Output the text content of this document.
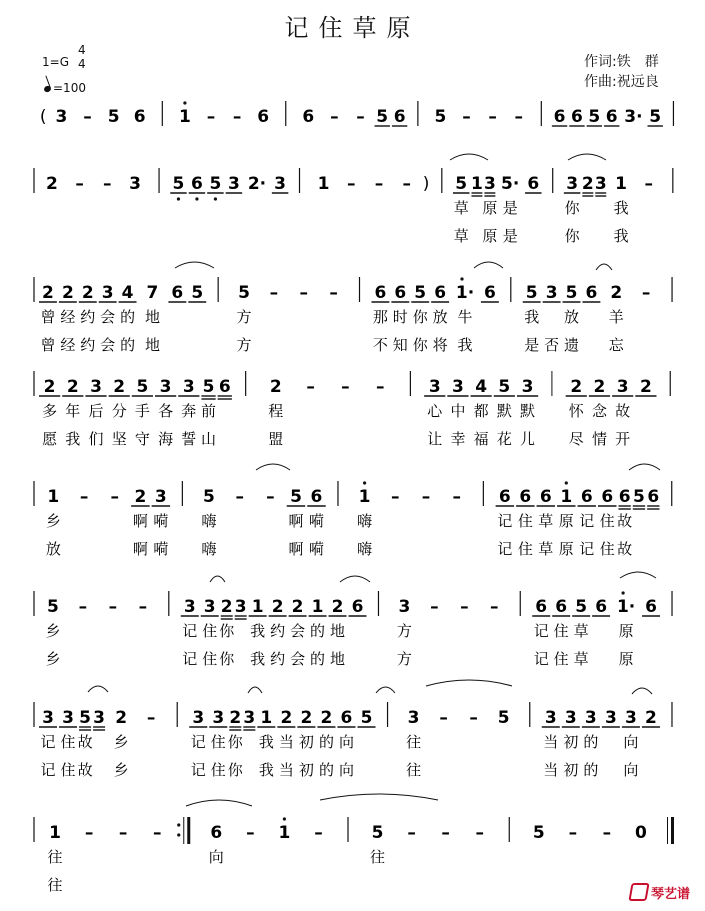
记住草原
1=G
4
4
=100
作词:铁　群
作曲:祝远良
( 3 – 5 6 1 – – 6 6 – – 5 6 5 – – – 6 6 5 6 3· 5
2 – – 3 5 6 5 3 2· 3 1 – – – ) 5
草
草
1 3
原
原
5·
是
是
6 3
你
你
2 3 1
我
我
–
2
曾
曾
2
经
经
2
约
约
3
会
会
4
的
的
7
地
地
6 5 5
方
方
– – – 6
那
不
6
时
知
5
你
你
6
放
将
1·
牛
我
6 5
我
是
3
否
5
放
遗
6 2
羊
忘
–
2
多
愿
2
年
我
3
后
们
2
分
坚
5
手
守
3
各
海
3
奔
誓
5
前
山
6 2
程
盟
– – –	3
心
让
3
中
幸
4
都
福
5
默
花
3
默
儿
2
怀
尽
2
念
情
3
故
开
2
1
乡
放
– – 2
啊
啊
3
嗬
嗬
5
嗨
嗨
– – 5
啊
啊
6
嗬
嗬
1
嗨
嗨
– – – 6
记
记
6
住
住
6
草
草
1
原
原
6
记
记
6
住
住
6
故
故
5 6
5
乡
乡
– – – 3
记
记
3
住
住
2
你
你
3 1
我
我
2
约
约
2
会
会
1
的
的
2
地
地
6 3
方
方
– – – 6
记
记
6
住
住
5
草
草
6 1·
原
原
6
3
记
记
3
住
住
5
故
故
3 2
乡
乡
– 3
记
记
3
住
住
2
你
你
3 1
我
我
2
当
当
2
初
初
2
的
的
6
向
向
5 3
往
往
– – 5 3
当
当
3
初
初
3
的
的
3 3
向
向
2
1
往
往
– – –	6
向
– 1 –	5
往
– – –	5 – – 0
琴艺谱
